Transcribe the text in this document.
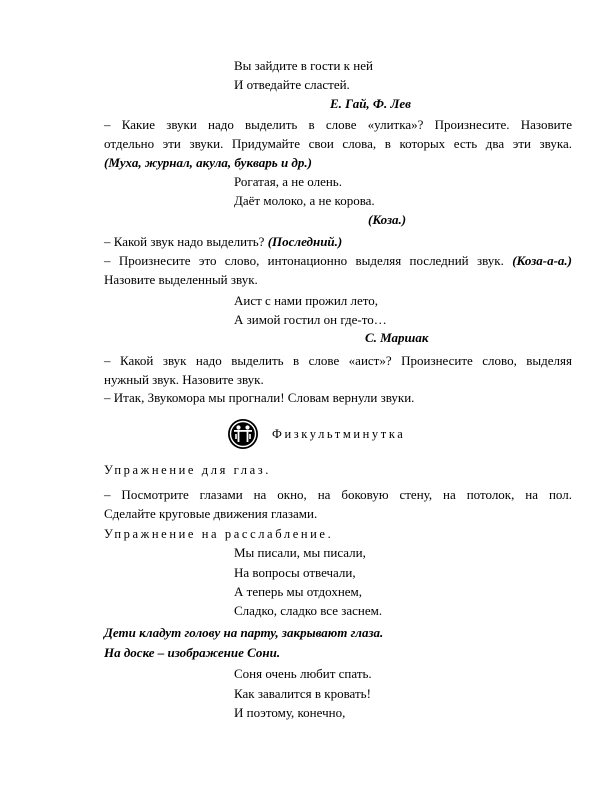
Вы зайдите в гости к ней
И отведайте сластей.
Е. Гай, Ф. Лев
– Какие звуки надо выделить в слове «улитка»? Произнесите. Назовите
отдельно эти звуки. Придумайте свои слова, в которых есть два эти звука.
(Муха, журнал, акула, букварь и др.)
Рогатая, а не олень.
Даёт молоко, а не корова.
(Коза.)
– Какой звук надо выделить? (Последний.)
– Произнесите это слово, интонационно выделяя последний звук. (Коза-а-а.)
Назовите выделенный звук.
Аист с нами прожил лето,
А зимой гостил он где-то…
С. Маршак
– Какой звук надо выделить в слове «аист»? Произнесите слово, выделяя
нужный звук. Назовите звук.
– Итак, Звукомора мы прогнали! Словам вернули звуки.
Физкультминутка
Упражнение для глаз.
– Посмотрите глазами на окно, на боковую стену, на потолок, на пол.
Сделайте круговые движения глазами.
Упражнение на расслабление.
Мы писали, мы писали,
На вопросы отвечали,
А теперь мы отдохнем,
Сладко, сладко все заснем.
Дети кладут голову на парту, закрывают глаза.
На доске – изображение Сони.
Соня очень любит спать.
Как завалится в кровать!
И поэтому, конечно,
